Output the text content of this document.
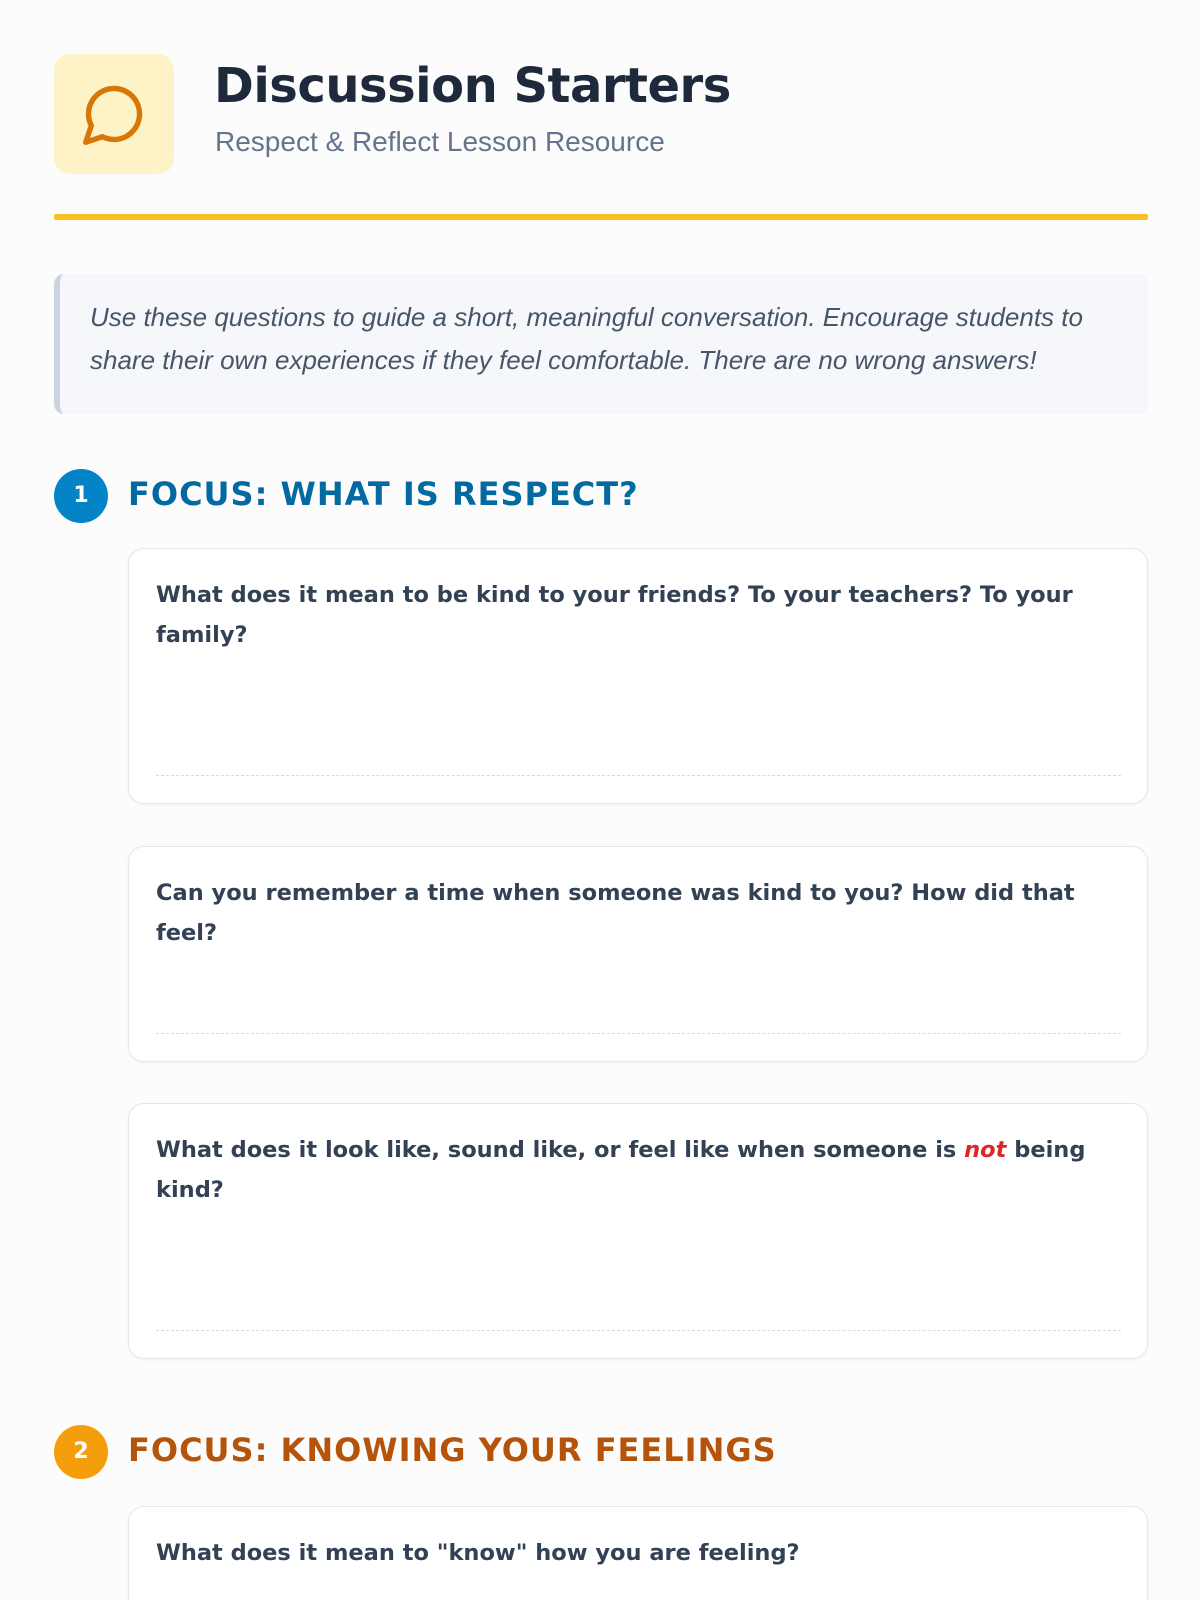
Discussion Starters
Respect & Reflect Lesson Resource

Use these questions to guide a short, meaningful conversation. Encourage students to share their own experiences if they feel comfortable. There are no wrong answers!

1	FOCUS: WHAT IS RESPECT?

What does it mean to be kind to your friends? To your teachers? To your family?

Can you remember a time when someone was kind to you? How did that feel?

What does it look like, sound like, or feel like when someone is not being kind?

2	FOCUS: KNOWING YOUR FEELINGS

What does it mean to "know" how you are feeling?
